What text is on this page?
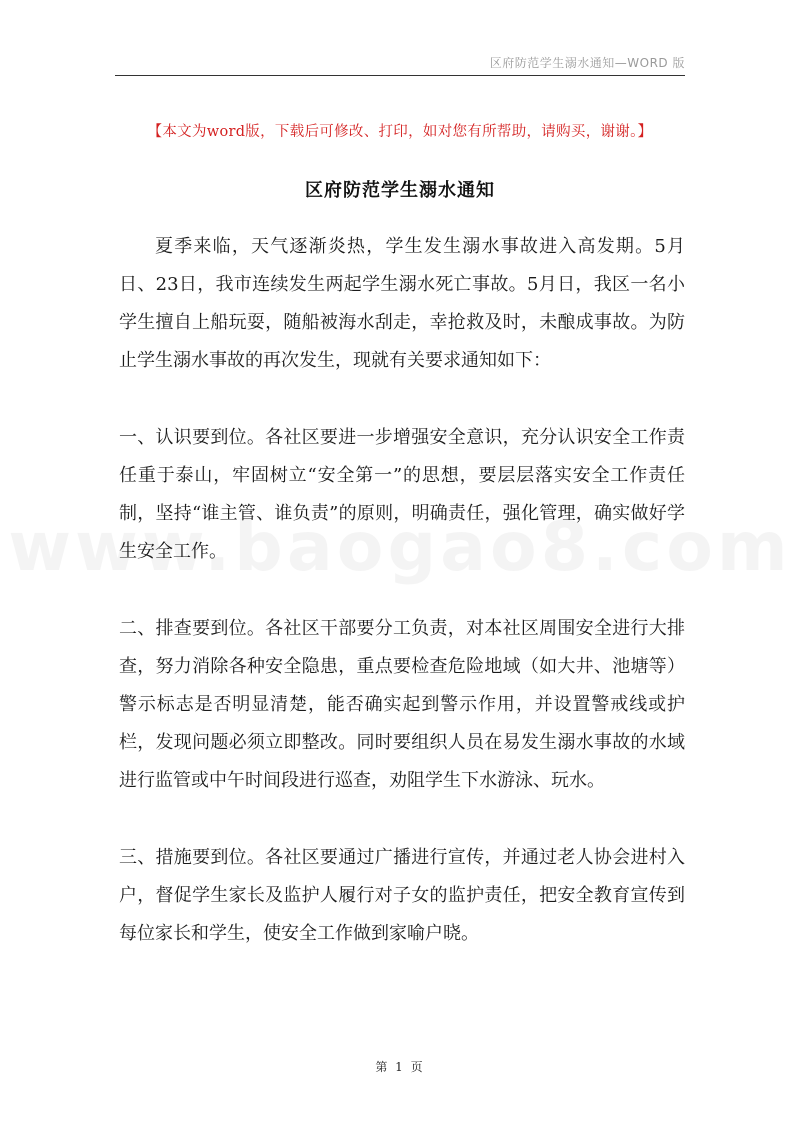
区府防范学生溺水通知—WORD 版
【本文为word版，下载后可修改、打印，如对您有所帮助，请购买，谢谢。】
区府防范学生溺水通知

夏季来临，天气逐渐炎热，学生发生溺水事故进入高发期。5月日、23日，我市连续发生两起学生溺水死亡事故。5月日，我区一名小学生擅自上船玩耍，随船被海水刮走，幸抢救及时，未酿成事故。为防止学生溺水事故的再次发生，现就有关要求通知如下：

一、认识要到位。各社区要进一步增强安全意识，充分认识安全工作责任重于泰山，牢固树立“安全第一”的思想，要层层落实安全工作责任制，坚持“谁主管、谁负责”的原则，明确责任，强化管理，确实做好学生安全工作。

二、排查要到位。各社区干部要分工负责，对本社区周围安全进行大排查，努力消除各种安全隐患，重点要检查危险地域（如大井、池塘等）警示标志是否明显清楚，能否确实起到警示作用，并设置警戒线或护栏，发现问题必须立即整改。同时要组织人员在易发生溺水事故的水域进行监管或中午时间段进行巡查，劝阻学生下水游泳、玩水。

三、措施要到位。各社区要通过广播进行宣传，并通过老人协会进村入户，督促学生家长及监护人履行对子女的监护责任，把安全教育宣传到每位家长和学生，使安全工作做到家喻户晓。

第 1 页
